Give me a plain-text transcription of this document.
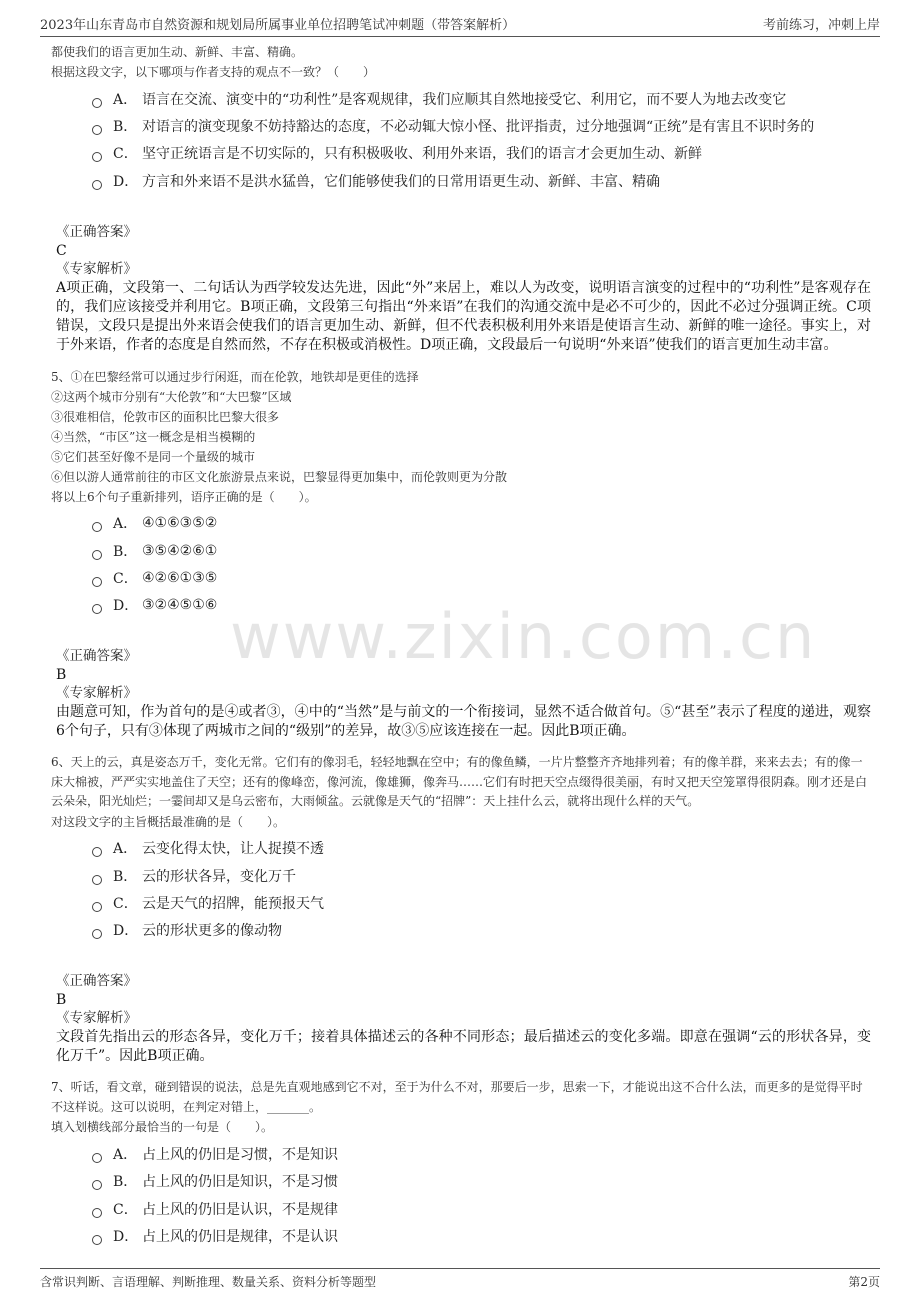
2023年山东青岛市自然资源和规划局所属事业单位招聘笔试冲刺题（带答案解析）	考前练习，冲刺上岸
www.zixin.com.cn

都使我们的语言更加生动、新鲜、丰富、精确。

根据这段文字，以下哪项与作者支持的观点不一致？（　　）

A． 语言在交流、演变中的“功利性”是客观规律，我们应顺其自然地接受它、利用它，而不要人为地去改变它
B． 对语言的演变现象不妨持豁达的态度，不必动辄大惊小怪、批评指责，过分地强调“正统”是有害且不识时务的
C． 坚守正统语言是不切实际的，只有积极吸收、利用外来语，我们的语言才会更加生动、新鲜
D． 方言和外来语不是洪水猛兽，它们能够使我们的日常用语更生动、新鲜、丰富、精确

《正确答案》

C

《专家解析》

A项正确，文段第一、二句话认为西学较发达先进，因此“外”来居上，难以人为改变，说明语言演变的过程中的“功利性”是客观存在的，我们应该接受并利用它。B项正确，文段第三句指出“外来语”在我们的沟通交流中是必不可少的，因此不必过分强调正统。C项错误，文段只是提出外来语会使我们的语言更加生动、新鲜，但不代表积极利用外来语是使语言生动、新鲜的唯一途径。事实上，对于外来语，作者的态度是自然而然，不存在积极或消极性。D项正确，文段最后一句说明“外来语”使我们的语言更加生动丰富。

5、①在巴黎经常可以通过步行闲逛，而在伦敦，地铁却是更佳的选择

②这两个城市分别有“大伦敦”和“大巴黎”区域

③很难相信，伦敦市区的面积比巴黎大很多

④当然，“市区”这一概念是相当模糊的

⑤它们甚至好像不是同一个量级的城市

⑥但以游人通常前往的市区文化旅游景点来说，巴黎显得更加集中，而伦敦则更为分散

将以上6个句子重新排列，语序正确的是（　　）。

A． ④①⑥③⑤②
B． ③⑤④②⑥①
C． ④②⑥①③⑤
D． ③②④⑤①⑥

《正确答案》

B

《专家解析》

由题意可知，作为首句的是④或者③，④中的“当然”是与前文的一个衔接词，显然不适合做首句。⑤“甚至”表示了程度的递进，观察6个句子，只有③体现了两城市之间的“级别”的差异，故③⑤应该连接在一起。因此B项正确。

6、天上的云，真是姿态万千，变化无常。它们有的像羽毛，轻轻地飘在空中；有的像鱼鳞，一片片整整齐齐地排列着；有的像羊群，来来去去；有的像一床大棉被，严严实实地盖住了天空；还有的像峰峦，像河流，像雄狮，像奔马……它们有时把天空点缀得很美丽，有时又把天空笼罩得很阴森。刚才还是白云朵朵，阳光灿烂；一霎间却又是乌云密布，大雨倾盆。云就像是天气的“招牌”：天上挂什么云，就将出现什么样的天气。

对这段文字的主旨概括最准确的是（　　）。

A． 云变化得太快，让人捉摸不透
B． 云的形状各异，变化万千
C． 云是天气的招牌，能预报天气
D． 云的形状更多的像动物

《正确答案》

B

《专家解析》

文段首先指出云的形态各异，变化万千；接着具体描述云的各种不同形态；最后描述云的变化多端。即意在强调“云的形状各异，变化万千”。因此B项正确。

7、听话，看文章，碰到错误的说法，总是先直观地感到它不对，至于为什么不对，那要后一步，思索一下，才能说出这不合什么法，而更多的是觉得平时不这样说。这可以说明，在判定对错上，_______。

填入划横线部分最恰当的一句是（　　）。

A． 占上风的仍旧是习惯，不是知识
B． 占上风的仍旧是知识，不是习惯
C． 占上风的仍旧是认识，不是规律
D． 占上风的仍旧是规律，不是认识
含常识判断、言语理解、判断推理、数量关系、资料分析等题型	第2页
